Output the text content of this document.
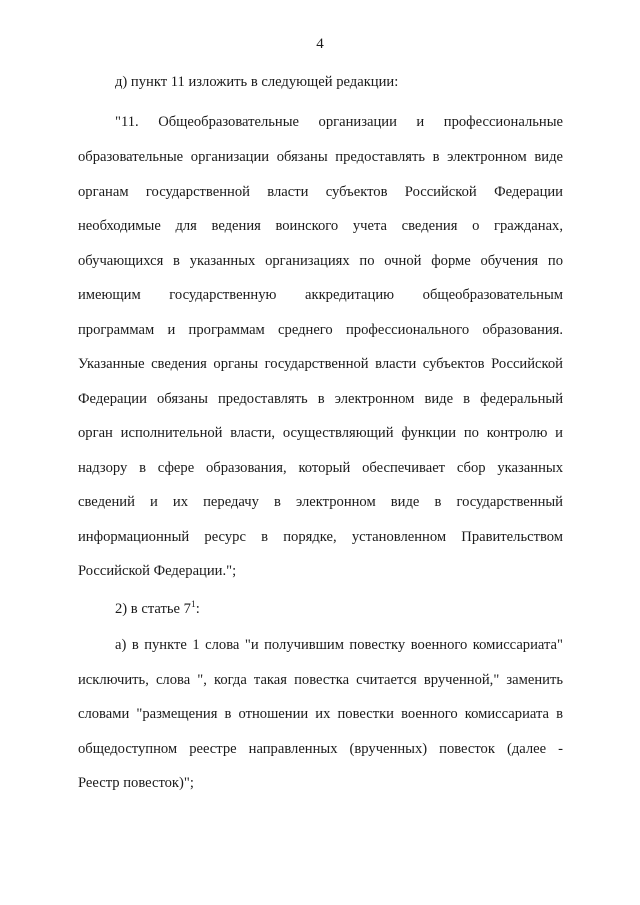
4
д) пункт 11 изложить в следующей редакции:
"11. Общеобразовательные организации и профессиональные
образовательные организации обязаны предоставлять в электронном виде
органам государственной власти субъектов Российской Федерации
необходимые для ведения воинского учета сведения о гражданах,
обучающихся в указанных организациях по очной форме обучения по
имеющим государственную аккредитацию общеобразовательным
программам и программам среднего профессионального образования.
Указанные сведения органы государственной власти субъектов Российской
Федерации обязаны предоставлять в электронном виде в федеральный
орган исполнительной власти, осуществляющий функции по контролю и
надзору в сфере образования, который обеспечивает сбор указанных
сведений и их передачу в электронном виде в государственный
информационный ресурс в порядке, установленном Правительством
Российской Федерации.";
2) в статье $7^1$:
а) в пункте 1 слова "и получившим повестку военного комиссариата"
исключить, слова ", когда такая повестка считается врученной," заменить
словами "размещения в отношении их повестки военного комиссариата в
общедоступном реестре направленных (врученных) повесток (далее -
Реестр повесток)";
